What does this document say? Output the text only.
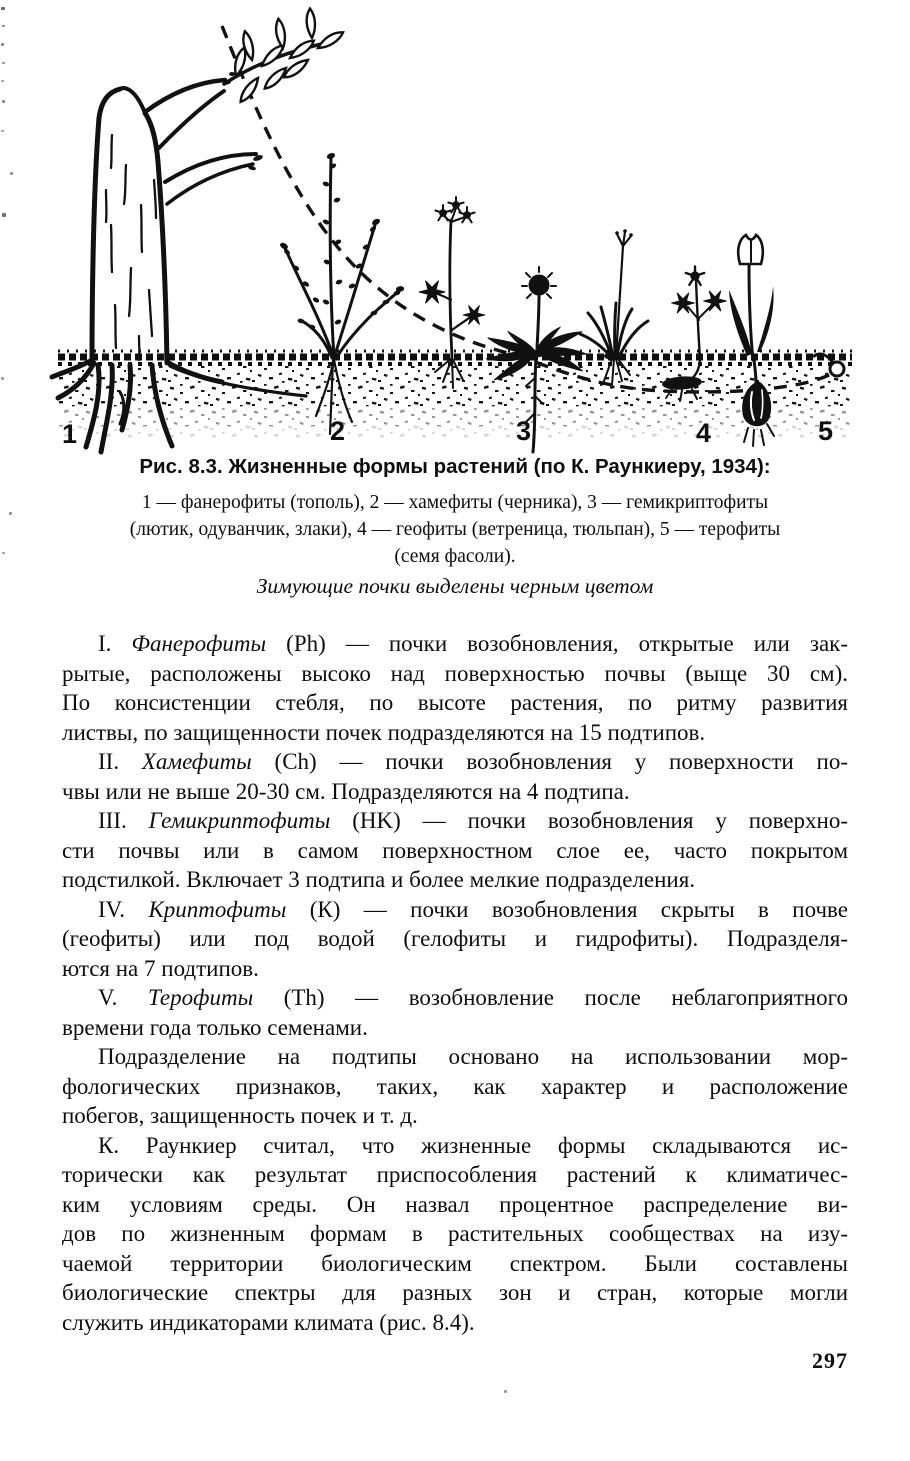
1	2	3	4	5
Рис. 8.3. Жизненные формы растений (по К. Раункиеру, 1934):
1 — фанерофиты (тополь), 2 — хамефиты (черника), 3 — гемикриптофиты
(лютик, одуванчик, злаки), 4 — геофиты (ветреница, тюльпан), 5 — терофиты
(семя фасоли).
Зимующие почки выделены черным цветом
I. Фанерофиты (Ph) — почки возобновления, открытые или зак-
рытые, расположены высоко над поверхностью почвы (выще 30 см).
По консистенции стебля, по высоте растения, по ритму развития
листвы, по защищенности почек подразделяются на 15 подтипов.
II. Хамефиты (Ch) — почки возобновления у поверхности по-
чвы или не выше 20-30 см. Подразделяются на 4 подтипа.
III. Гемикриптофиты (HK) — почки возобновления у поверхно-
сти почвы или в самом поверхностном слое ее, часто покрытом
подстилкой. Включает 3 подтипа и более мелкие подразделения.
IV. Криптофиты (К) — почки возобновления скрыты в почве
(геофиты) или под водой (гелофиты и гидрофиты). Подразделя-
ются на 7 подтипов.
V. Терофиты (Th) — возобновление после неблагоприятного
времени года только семенами.
Подразделение на подтипы основано на использовании мор-
фологических признаков, таких, как характер и расположение
побегов, защищенность почек и т. д.
К. Раункиер считал, что жизненные формы складываются ис-
торически как результат приспособления растений к климатичес-
ким условиям среды. Он назвал процентное распределение ви-
дов по жизненным формам в растительных сообществах на изу-
чаемой территории биологическим спектром. Были составлены
биологические спектры для разных зон и стран, которые могли
служить индикаторами климата (рис. 8.4).
297
